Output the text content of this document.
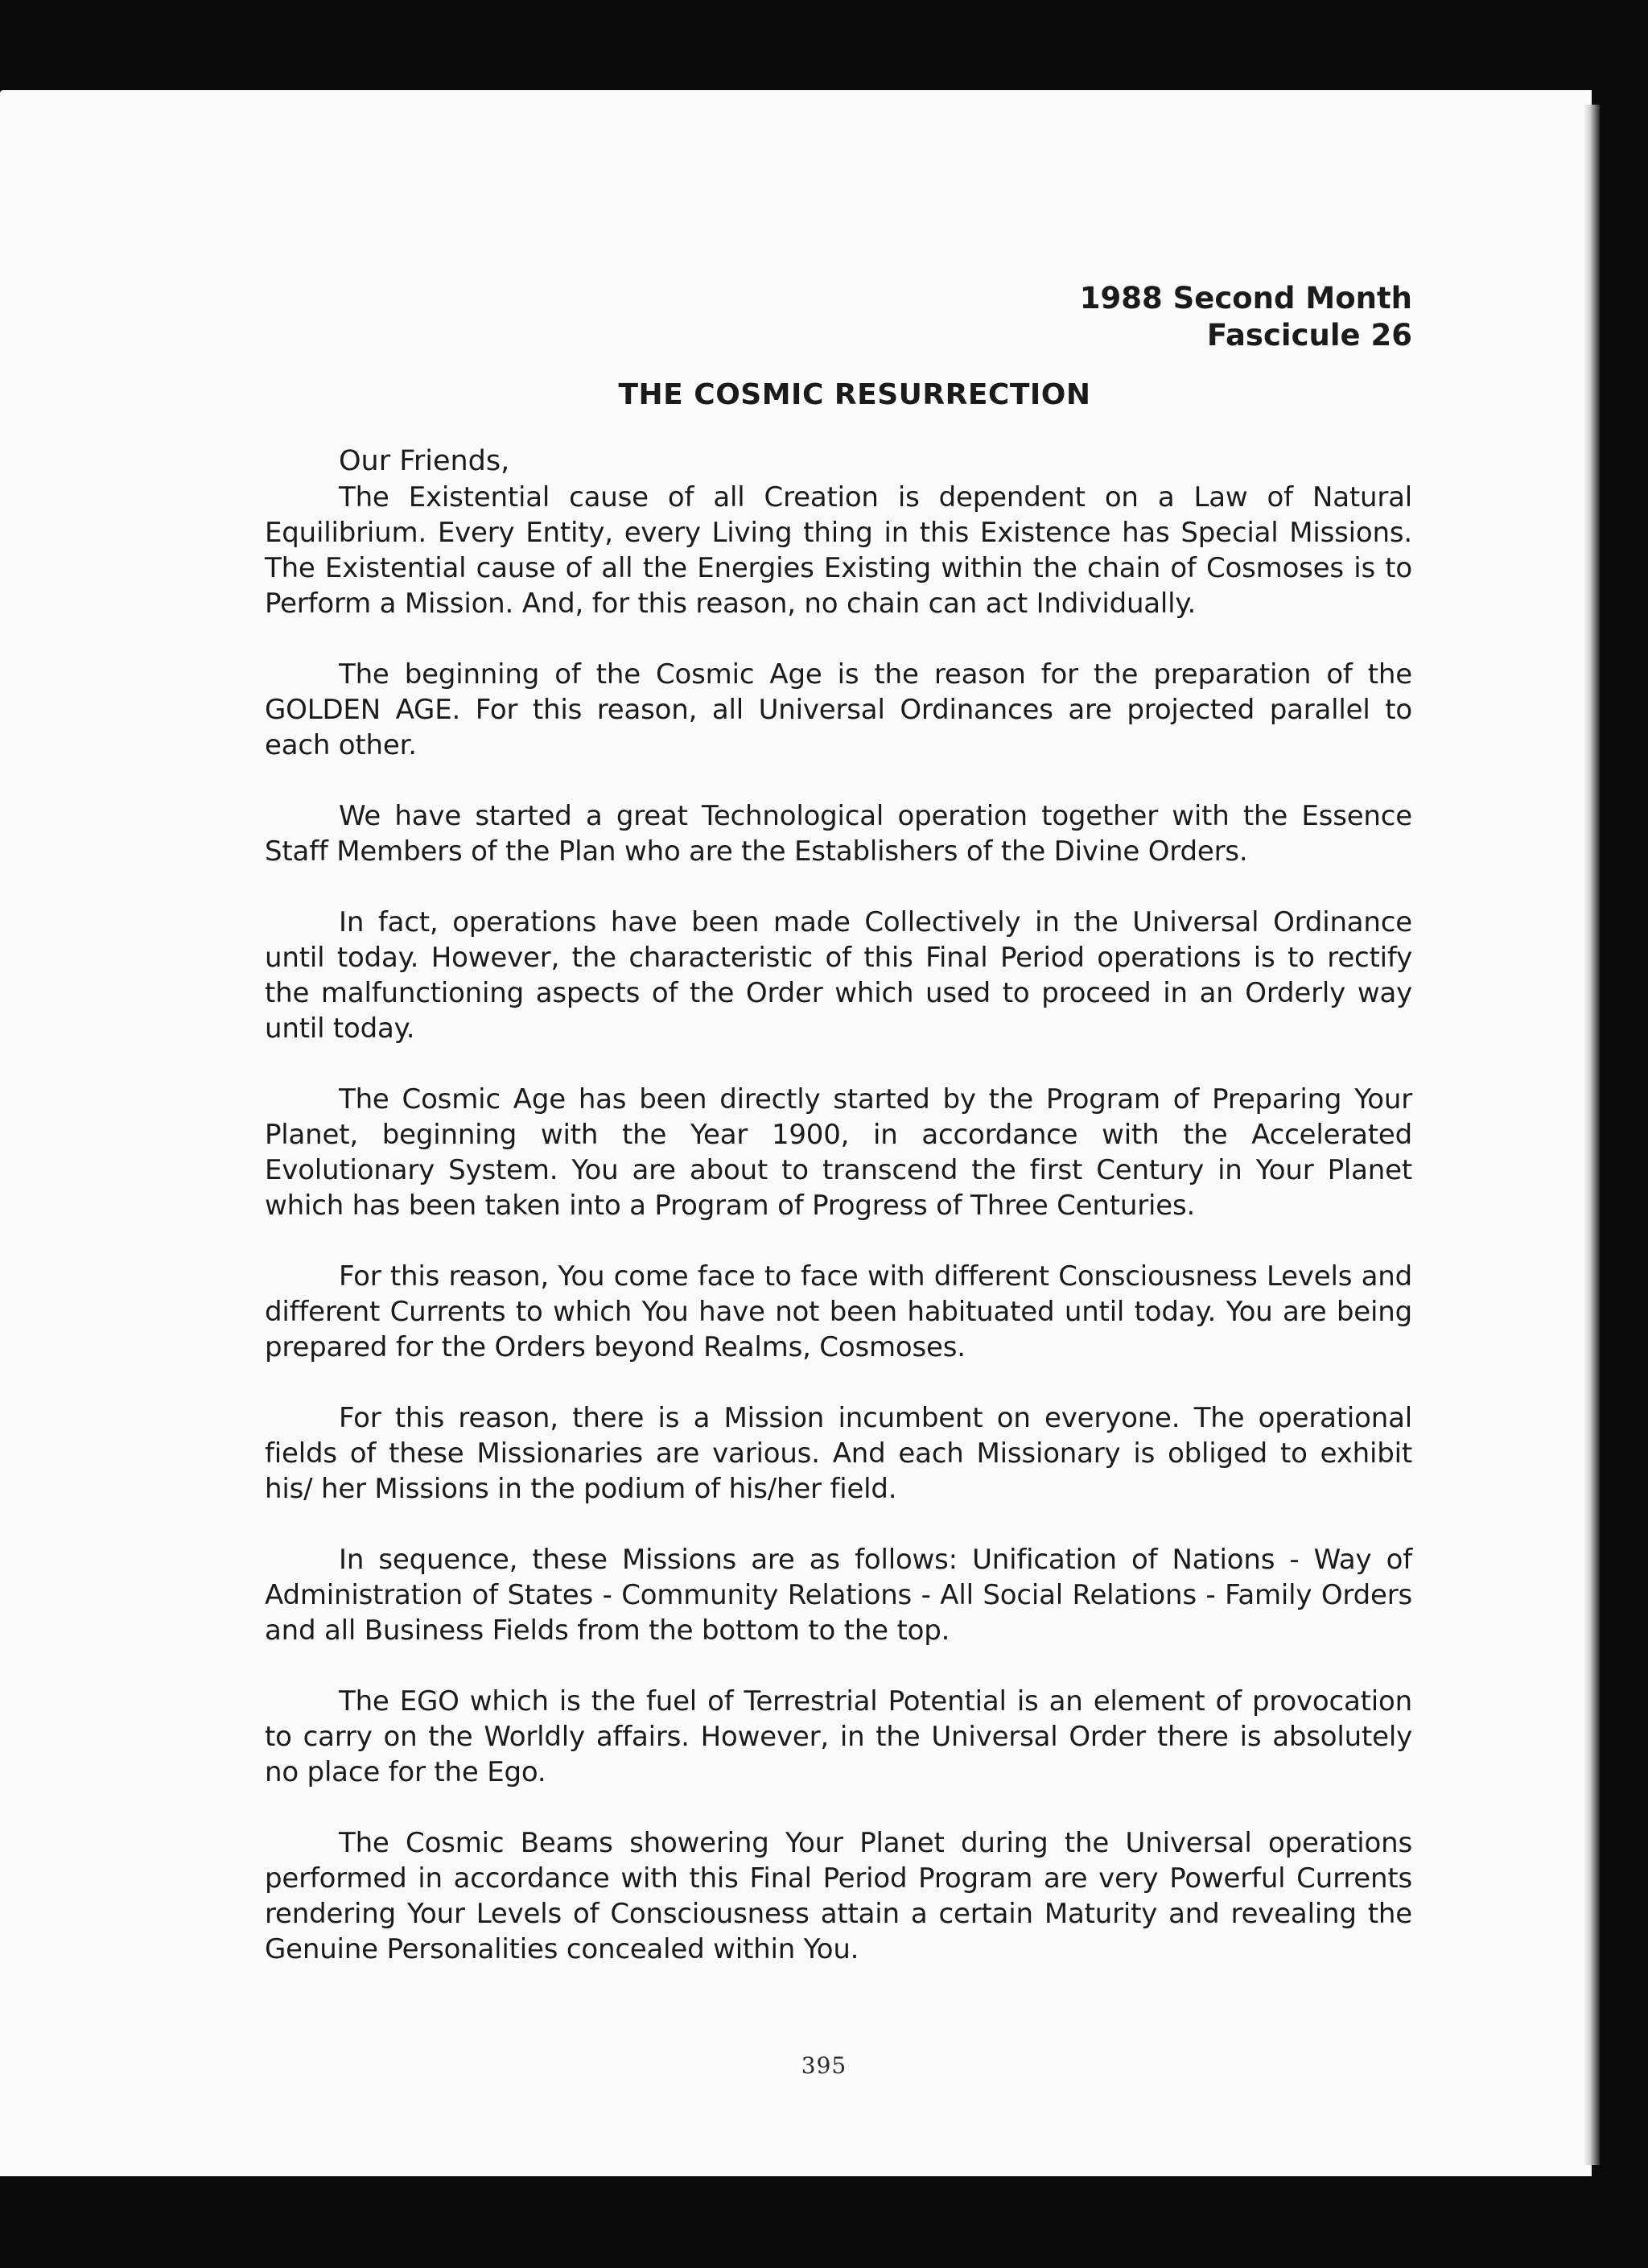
1988 Second Month

Fascicule 26

THE COSMIC RESURRECTION

Our Friends,

The Existential cause of all Creation is dependent on a Law of Natural Equilibrium. Every Entity, every Living thing in this Existence has Special Missions. The Existential cause of all the Energies Existing within the chain of Cosmoses is to Perform a Mission. And, for this reason, no chain can act Individually.

The beginning of the Cosmic Age is the reason for the preparation of the GOLDEN AGE. For this reason, all Universal Ordinances are projected parallel to each other.

We have started a great Technological operation together with the Essence Staff Members of the Plan who are the Establishers of the Divine Orders.

In fact, operations have been made Collectively in the Universal Ordinance until today. However, the characteristic of this Final Period operations is to rectify the malfunctioning aspects of the Order which used to proceed in an Orderly way until today.

The Cosmic Age has been directly started by the Program of Preparing Your Planet, beginning with the Year 1900, in accordance with the Accelerated Evolutionary System. You are about to transcend the first Century in Your Planet which has been taken into a Program of Progress of Three Centuries.

For this reason, You come face to face with different Consciousness Levels and different Currents to which You have not been habituated until today. You are being prepared for the Orders beyond Realms, Cosmoses.

For this reason, there is a Mission incumbent on everyone. The operational fields of these Missionaries are various. And each Missionary is obliged to exhibit his/ her Missions in the podium of his/her field.

In sequence, these Missions are as follows: Unification of Nations - Way of Administration of States - Community Relations - All Social Relations - Family Orders and all Business Fields from the bottom to the top.

The EGO which is the fuel of Terrestrial Potential is an element of provocation to carry on the Worldly affairs. However, in the Universal Order there is absolutely no place for the Ego.

The Cosmic Beams showering Your Planet during the Universal operations performed in accordance with this Final Period Program are very Powerful Currents rendering Your Levels of Consciousness attain a certain Maturity and revealing the Genuine Personalities concealed within You.

395
